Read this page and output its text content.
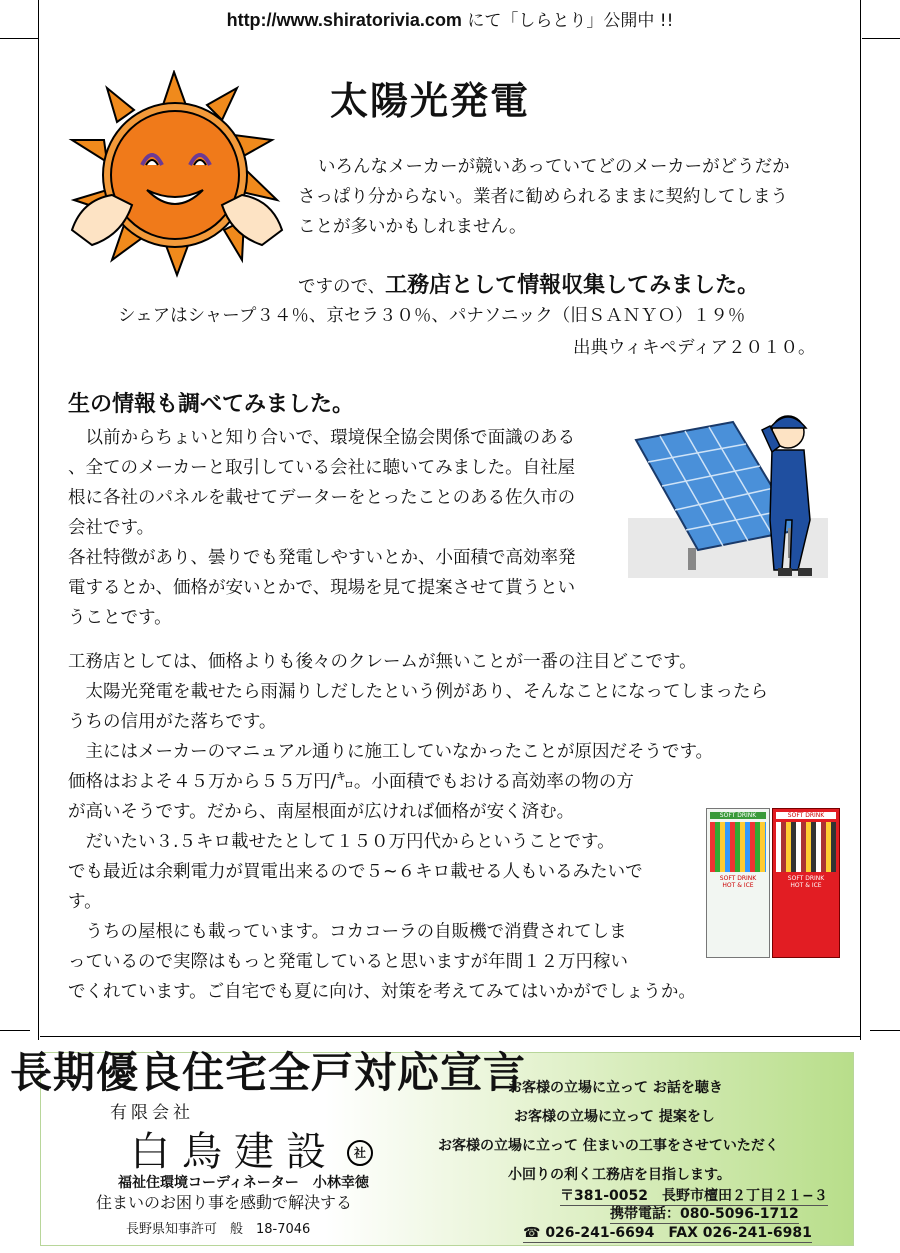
http://www.shiratorivia.com にて「しらとり」公開中 !!
太陽光発電
いろんなメーカーが競いあっていてどのメーカーがどうだか
さっぱり分からない。業者に勧められるままに契約してしまう
ことが多いかもしれません。
ですので、工務店として情報収集してみました。
シェアはシャープ３４％、京セラ３０％、パナソニック（旧ＳＡＮＹＯ）１９％
出典ウィキペディア２０１０。
生の情報も調べてみました。
　以前からちょいと知り合いで、環境保全協会関係で面識のある
、全てのメーカーと取引している会社に聴いてみました。自社屋
根に各社のパネルを載せてデーターをとったことのある佐久市の
会社です。
各社特徴があり、曇りでも発電しやすいとか、小面積で高効率発
電するとか、価格が安いとかで、現場を見て提案させて貰うとい
うことです。
工務店としては、価格よりも後々のクレームが無いことが一番の注目どこです。
　太陽光発電を載せたら雨漏りしだしたという例があり、そんなことになってしまったら
うちの信用がた落ちです。
　主にはメーカーのマニュアル通りに施工していなかったことが原因だそうです。
価格はおよそ４５万から５５万円/㌔。小面積でもおける高効率の物の方
が高いそうです。だから、南屋根面が広ければ価格が安く済む。
　だいたい３.５キロ載せたとして１５０万円代からということです。
でも最近は余剰電力が買電出来るので５~６キロ載せる人もいるみたいで
す。
　うちの屋根にも載っています。コカコーラの自販機で消費されてしま
っているので実際はもっと発電していると思いますが年間１２万円稼い
でくれています。ご自宅でも夏に向け、対策を考えてみてはいかがでしょうか。
SOFT DRINK
SOFT DRINK
HOT & ICE
SOFT DRINK
SOFT DRINK
HOT & ICE
長期優良住宅全戸対応宣言
有限会社
白鳥建設	社
福祉住環境コーディネーター　小林幸徳
住まいのお困り事を感動で解決する
長野県知事許可　般　18-7046
お客様の立場に立って お話を聴き
お客様の立場に立って 提案をし
お客様の立場に立って 住まいの工事をさせていただく
小回りの利く工務店を目指します。
〒381-0052　長野市檀田２丁目２１−３
携帯電話：080-5096-1712
☎ 026-241-6694　FAX 026-241-6981
